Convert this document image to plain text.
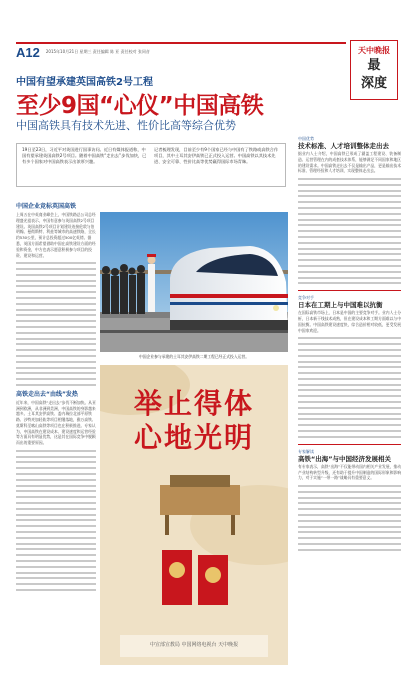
A12 2015年10月21日 星期三 责任编辑 陈 亚 责任校对 张同音	天中晚报
最
深度
中国有望承建英国高铁2号工程
至少9国“心仪”中国高铁
中国高铁具有技术先进、性价比高等综合优势
19日至23日，习近平对英国进行国事访问。近日有媒体报道称，中国有望承建英国高铁2号项目。随着中国高铁“走出去”步伐加快，已有多个国家对中国高铁表示出浓厚兴趣。
记者梳理发现，目前至少有9个国家已经与中国有了铁路或高铁合作项目，其中土耳其安伊高铁已正式投入运营。中国高铁以其技术先进、安全可靠、性价比高等优势赢得国际市场青睐。
中国企业竞标英国高铁
上周五在中英商业峰会上，中国铁路总公司总经理盛光祖表示，中国有意参与英国高铁2号项目建设。英国高铁2号项目计划建设连接伦敦与伯明翰、曼彻斯特、利兹等城市的高速铁路，全长约530公里，预计总投资超过500亿英镑。据悉，英国方面希望借助中国在高铁建设方面的经验和资金，中方也表示愿意积极参与项目的投资、建设和运营。
高铁走出去“由线”发热
近年来，中国高铁“走出去”步伐不断加快。从亚洲到欧洲，从非洲到美洲，中国高铁的身影越来越多。土耳其安伊高铁、委内瑞拉北部平原铁路、沙特麦加轻轨等项目相继落地，雅万高铁、莫斯科至喀山高铁等项目也在积极推进。专家认为，中国高铁在建设成本、建设速度和运营经验等方面具有明显优势，这是其在国际竞争中脱颖而出的重要原因。
中国企业参与承建的土耳其安伊高铁二期工程已经正式投入运营。
举止得体
心地光明
中宣部宣教局 中国网络电视台 天中晚报
中国优势
技术标准、人才培训整体走出去
据业内人士介绍，中国高铁已形成了涵盖工程建设、装备制造、运营管理在内的成套技术体系，能够满足不同国家和地区的建设需求。中国高铁走出去不仅是输出产品，更是输出技术标准、管理经验和人才培训，实现整体走出去。
竞争对手
日本在工期上与中国难以抗衡
在国际高铁市场上，日本是中国的主要竞争对手。业内人士分析，日本新干线技术成熟，但在建设成本和工期方面难以与中国抗衡。中国高铁建设速度快，综合造价相对较低，更受发展中国家欢迎。
专家解读
高铁“出海”与中国经济发展相关
有专家表示，高铁“出海”不仅能带动国内相关产业发展，推动产业结构转型升级，还有助于提升中国制造的国际形象和影响力，对于实施“一带一路”战略具有重要意义。
